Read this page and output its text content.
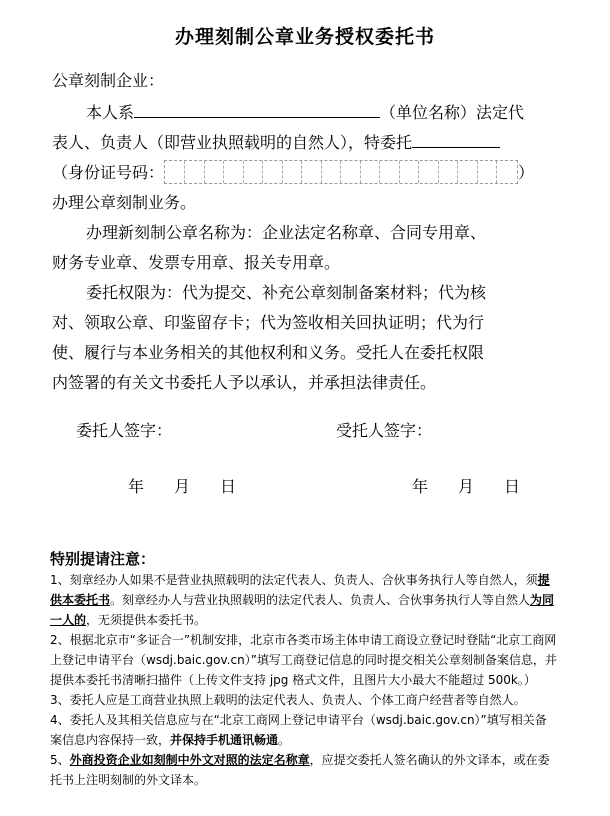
办理刻制公章业务授权委托书
公章刻制企业：
本人系	（单位名称）法定代
表人、负责人（即营业执照载明的自然人），特委托
（身份证号码：	）
办理公章刻制业务。
办理新刻制公章名称为：企业法定名称章、合同专用章、
财务专业章、发票专用章、报关专用章。
委托权限为：代为提交、补充公章刻制备案材料；代为核
对、领取公章、印鉴留存卡；代为签收相关回执证明；代为行
使、履行与本业务相关的其他权利和义务。受托人在委托权限
内签署的有关文书委托人予以承认，并承担法律责任。
委托人签字：	受托人签字：
年 月 日	年 月 日
特别提请注意：

1、刻章经办人如果不是营业执照载明的法定代表人、负责人、合伙事务执行人等自然人，须提供本委托书。刻章经办人与营业执照载明的法定代表人、负责人、合伙事务执行人等自然人为同一人的，无须提供本委托书。

2、根据北京市“多证合一”机制安排，北京市各类市场主体申请工商设立登记时登陆“北京工商网上登记申请平台（wsdj.baic.gov.cn）”填写工商登记信息的同时提交相关公章刻制备案信息，并提供本委托书清晰扫描件（上传文件支持 jpg 格式文件，且图片大小最大不能超过 500k。）

3、委托人应是工商营业执照上载明的法定代表人、负责人、个体工商户经营者等自然人。

4、委托人及其相关信息应与在“北京工商网上登记申请平台（wsdj.baic.gov.cn）”填写相关备案信息内容保持一致，并保持手机通讯畅通。

5、外商投资企业如刻制中外文对照的法定名称章，应提交委托人签名确认的外文译本，或在委托书上注明刻制的外文译本。
